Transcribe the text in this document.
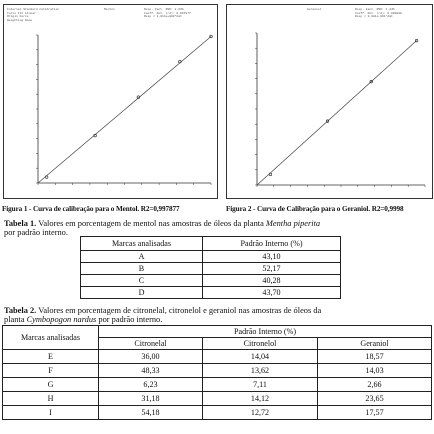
Internal Standard Calibration
Curve Fit Linear
Origin Force
Weighting None
Mentol	Resp. Fact. RSD: 2.93%
Coeff. Det. (r2): 0.997877
Resp = 1.014e+000*Amt
Figura 1 - Curva de calibração para o Mentol. R2=0,997877
Geraniol	Resp. Fact. RSD: 1.24%
Coeff. Det. (r2): 0.999800
Resp = 9.981e-001*Amt
Figura 2 - Curva de Calibração para o Geraniol. R2=0,9998
Tabela 1. Valores em porcentagem de mentol nas amostras de óleos da planta Mentha piperita
por padrão interno.
Marcas analisadas	Padrão Interno (%)
A	43,10
B	52,17
C	40,28
D	43,70
Tabela 2. Valores em porcentagem de citronelal, citronelol e geraniol nas amostras de óleos da
planta Cymbopogon nardus por padrão interno.
Marcas analisadas	Padrão Interno (%)		
	Citronelal	Citronelol	Geraniol
E	36,00	14,04	18,57
F	48,33	13,62	14,03
G	6,23	7,11	2,66
H	31,18	14,12	23,65
I	54,18	12,72	17,57
